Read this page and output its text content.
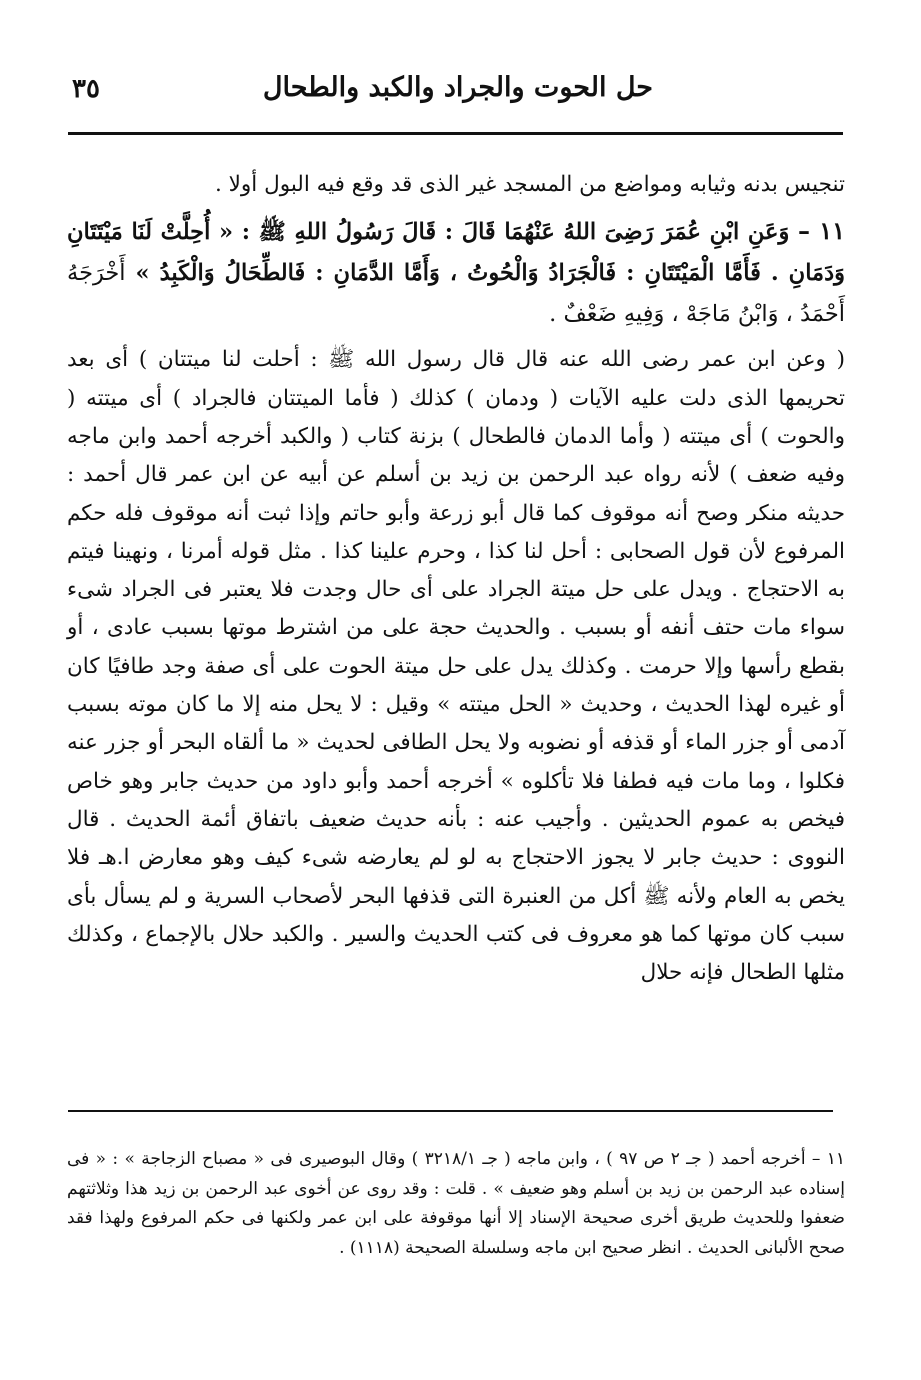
حل الحوت والجراد والكبد والطحال
٣٥

تنجيس بدنه وثيابه ومواضع من المسجد غير الذى قد وقع فيه البول أولا .

١١ – وَعَنِ ابْنِ عُمَرَ رَضِىَ اللهُ عَنْهُمَا قَالَ : قَالَ رَسُولُ اللهِ ﷺ : « أُحِلَّتْ لَنَا مَيْتَتَانِ وَدَمَانِ . فَأَمَّا الْمَيْتَتَانِ : فَالْجَرَادُ وَالْحُوتُ ، وَأَمَّا الدَّمَانِ : فَالطِّحَالُ وَالْكَبِدُ » أَخْرَجَهُ أَحْمَدُ ، وَابْنُ مَاجَهْ ، وَفِيهِ ضَعْفٌ .

( وعن ابن عمر رضى الله عنه قال قال رسول الله ﷺ : أحلت لنا ميتتان ) أى بعد تحريمها الذى دلت عليه الآيات ( ودمان ) كذلك ( فأما الميتتان فالجراد ) أى ميتته ( والحوت ) أى ميتته ( وأما الدمان فالطحال ) بزنة كتاب ( والكبد أخرجه أحمد وابن ماجه وفيه ضعف ) لأنه رواه عبد الرحمن بن زيد بن أسلم عن أبيه عن ابن عمر قال أحمد : حديثه منكر وصح أنه موقوف كما قال أبو زرعة وأبو حاتم وإذا ثبت أنه موقوف فله حكم المرفوع لأن قول الصحابى : أحل لنا كذا ، وحرم علينا كذا . مثل قوله أمرنا ، ونهينا فيتم به الاحتجاج . ويدل على حل ميتة الجراد على أى حال وجدت فلا يعتبر فى الجراد شىء سواء مات حتف أنفه أو بسبب . والحديث حجة على من اشترط موتها بسبب عادى ، أو بقطع رأسها وإلا حرمت . وكذلك يدل على حل ميتة الحوت على أى صفة وجد طافيًا كان أو غيره لهذا الحديث ، وحديث « الحل ميتته » وقيل : لا يحل منه إلا ما كان موته بسبب آدمى أو جزر الماء أو قذفه أو نضوبه ولا يحل الطافى لحديث « ما ألقاه البحر أو جزر عنه فكلوا ، وما مات فيه فطفا فلا تأكلوه » أخرجه أحمد وأبو داود من حديث جابر وهو خاص فيخص به عموم الحديثين . وأجيب عنه : بأنه حديث ضعيف باتفاق أئمة الحديث . قال النووى : حديث جابر لا يجوز الاحتجاج به لو لم يعارضه شىء كيف وهو معارض ا.هـ فلا يخص به العام ولأنه ﷺ أكل من العنبرة التى قذفها البحر لأصحاب السرية و لم يسأل بأى سبب كان موتها كما هو معروف فى كتب الحديث والسير . والكبد حلال بالإجماع ، وكذلك مثلها الطحال فإنه حلال

١١ – أخرجه أحمد ( جـ ٢ ص ٩٧ ) ، وابن ماجه ( جـ ٣٢١٨/١ ) وقال البوصيرى فى « مصباح الزجاجة » : « فى إسناده عبد الرحمن بن زيد بن أسلم وهو ضعيف » . قلت : وقد روى عن أخوى عبد الرحمن بن زيد هذا وثلاثتهم ضعفوا وللحديث طريق أخرى صحيحة الإسناد إلا أنها موقوفة على ابن عمر ولكنها فى حكم المرفوع ولهذا فقد صحح الألبانى الحديث . انظر صحيح ابن ماجه وسلسلة الصحيحة (١١١٨) .
